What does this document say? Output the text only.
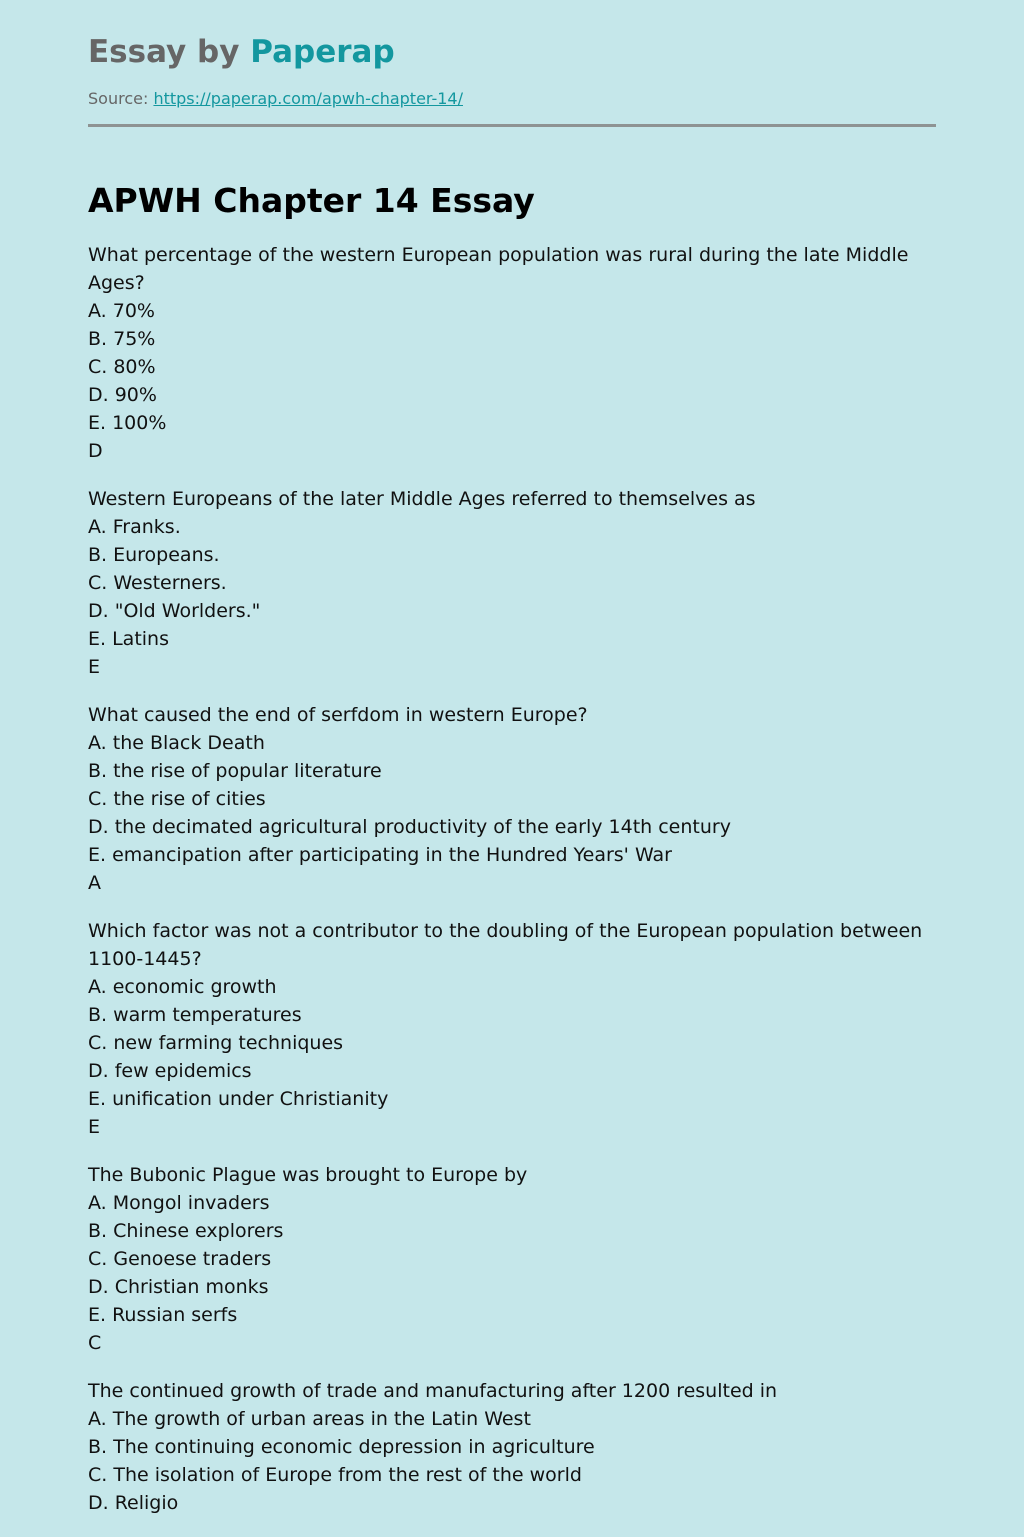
Essay by Paperap
Source: https://paperap.com/apwh-chapter-14/
APWH Chapter 14 Essay
What percentage of the western European population was rural during the late Middle Ages?
A. 70%
B. 75%
C. 80%
D. 90%
E. 100%
D
Western Europeans of the later Middle Ages referred to themselves as
A. Franks.
B. Europeans.
C. Westerners.
D. "Old Worlders."
E. Latins
E
What caused the end of serfdom in western Europe?
A. the Black Death
B. the rise of popular literature
C. the rise of cities
D. the decimated agricultural productivity of the early 14th century
E. emancipation after participating in the Hundred Years' War
A
Which factor was not a contributor to the doubling of the European population between 1100-1445?
A. economic growth
B. warm temperatures
C. new farming techniques
D. few epidemics
E. unification under Christianity
E
The Bubonic Plague was brought to Europe by
A. Mongol invaders
B. Chinese explorers
C. Genoese traders
D. Christian monks
E. Russian serfs
C
The continued growth of trade and manufacturing after 1200 resulted in
A. The growth of urban areas in the Latin West
B. The continuing economic depression in agriculture
C. The isolation of Europe from the rest of the world
D. Religio
